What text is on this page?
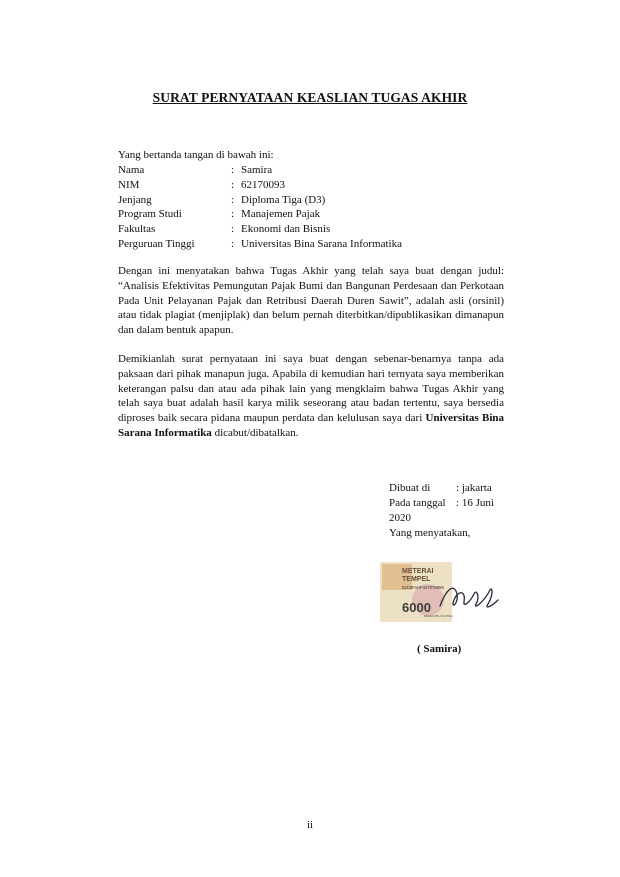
SURAT PERNYATAAN KEASLIAN TUGAS AKHIR
Yang bertanda tangan di bawah ini:
Nama	: Samira
NIM	: 62170093
Jenjang	: Diploma Tiga (D3)
Program Studi	: Manajemen Pajak
Fakultas	: Ekonomi dan Bisnis
Perguruan Tinggi	: Universitas Bina Sarana Informatika
Dengan ini menyatakan bahwa Tugas Akhir yang telah saya buat dengan judul: “Analisis Efektivitas Pemungutan Pajak Bumi dan Bangunan Perdesaan dan Perkotaan Pada Unit Pelayanan Pajak dan Retribusi Daerah Duren Sawit”, adalah asli (orsinil) atau tidak plagiat (menjiplak) dan belum pernah diterbitkan/dipublikasikan dimanapun dan dalam bentuk apapun.
Demikianlah surat pernyataan ini saya buat dengan sebenar-benarnya tanpa ada paksaan dari pihak manapun juga. Apabila di kemudian hari ternyata saya memberikan keterangan palsu dan atau ada pihak lain yang mengklaim bahwa Tugas Akhir yang telah saya buat adalah hasil karya milik seseorang atau badan tertentu, saya bersedia diproses baik secara pidana maupun perdata dan kelulusan saya dari Universitas Bina Sarana Informatika dicabut/dibatalkan.
Dibuat di	: jakarta
Pada tanggal : 16 Juni
2020
Yang menyatakan,
METERAI
TEMPEL
02C8FAHF447076959
6000
ENAM RIBU RUPIAH
( Samira)
ii
